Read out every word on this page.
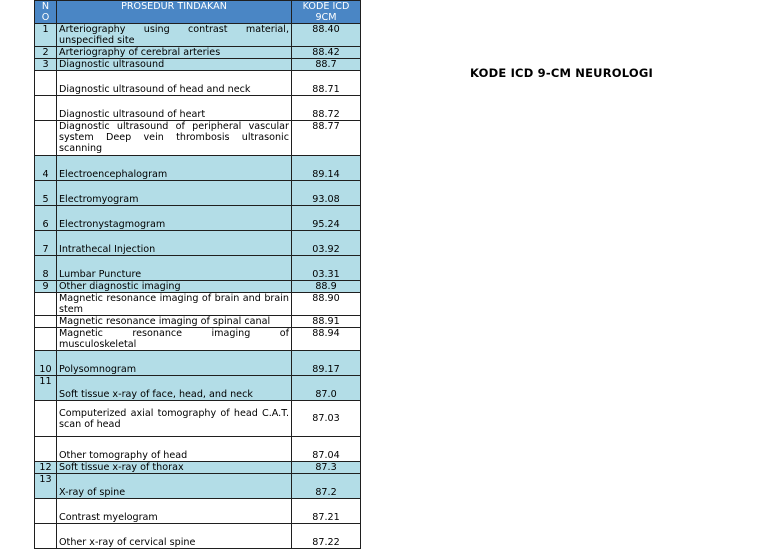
N O	PROSEDUR TINDAKAN	KODE ICD 9CM
1	Arteriography using contrast material, unspecified site	88.40
2	Arteriography of cerebral arteries	88.42
3	Diagnostic ultrasound	88.7
	Diagnostic ultrasound of head and neck	88.71
	Diagnostic ultrasound of heart	88.72
	Diagnostic ultrasound of peripheral vascular system Deep vein thrombosis ultrasonic scanning	88.77
4	Electroencephalogram	89.14
5	Electromyogram	93.08
6	Electronystagmogram	95.24
7	Intrathecal Injection	03.92
8	Lumbar Puncture	03.31
9	Other diagnostic imaging	88.9
	Magnetic resonance imaging of brain and brain stem	88.90
	Magnetic resonance imaging of spinal canal	88.91
	Magnetic resonance imaging of musculoskeletal	88.94
10	Polysomnogram	89.17
11	Soft tissue x-ray of face, head, and neck	87.0
	Computerized axial tomography of head C.A.T. scan of head	87.03
	Other tomography of head	87.04
12	Soft tissue x-ray of thorax	87.3
13	X-ray of spine	87.2
	Contrast myelogram	87.21
	Other x-ray of cervical spine	87.22
KODE ICD 9-CM NEUROLOGI
